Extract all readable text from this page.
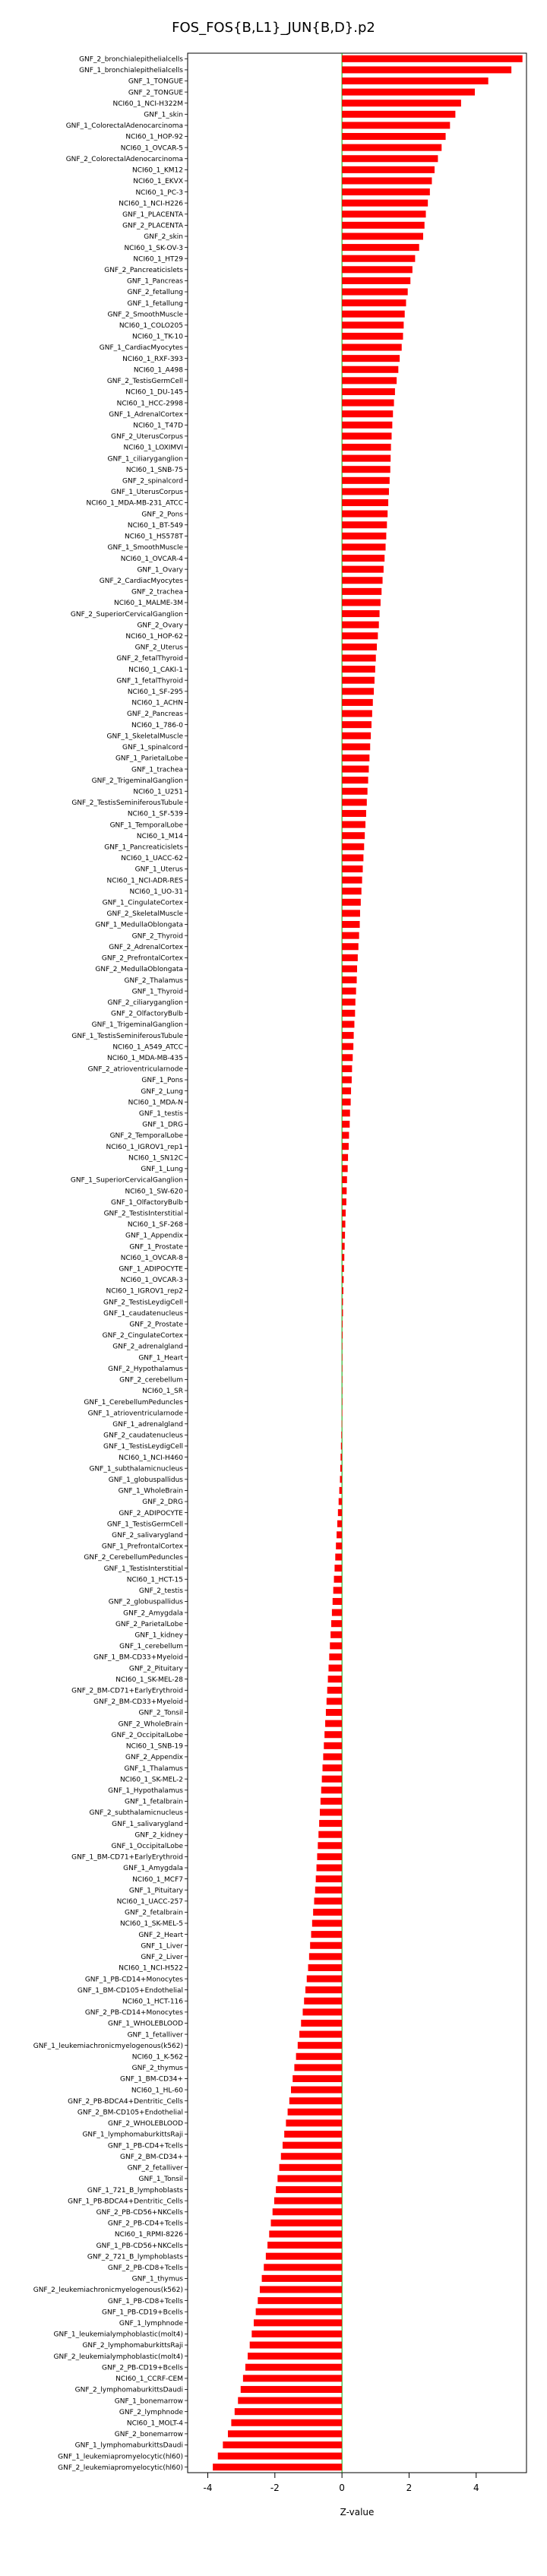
FOS_FOS{B,L1}_JUN{B,D}.p2
GNF_2_bronchialepithelialcells
GNF_1_bronchialepithelialcells
GNF_1_TONGUE
GNF_2_TONGUE
NCI60_1_NCI-H322M
GNF_1_skin
GNF_1_ColorectalAdenocarcinoma
NCI60_1_HOP-92
NCI60_1_OVCAR-5
GNF_2_ColorectalAdenocarcinoma
NCI60_1_KM12
NCI60_1_EKVX
NCI60_1_PC-3
NCI60_1_NCI-H226
GNF_1_PLACENTA
GNF_2_PLACENTA
GNF_2_skin
NCI60_1_SK-OV-3
NCI60_1_HT29
GNF_2_Pancreaticislets
GNF_1_Pancreas
GNF_2_fetallung
GNF_1_fetallung
GNF_2_SmoothMuscle
NCI60_1_COLO205
NCI60_1_TK-10
GNF_1_CardiacMyocytes
NCI60_1_RXF-393
NCI60_1_A498
GNF_2_TestisGermCell
NCI60_1_DU-145
NCI60_1_HCC-2998
GNF_1_AdrenalCortex
NCI60_1_T47D
GNF_2_UterusCorpus
NCI60_1_LOXIMVI
GNF_1_ciliaryganglion
NCI60_1_SNB-75
GNF_2_spinalcord
GNF_1_UterusCorpus
NCI60_1_MDA-MB-231_ATCC
GNF_2_Pons
NCI60_1_BT-549
NCI60_1_HS578T
GNF_1_SmoothMuscle
NCI60_1_OVCAR-4
GNF_1_Ovary
GNF_2_CardiacMyocytes
GNF_2_trachea
NCI60_1_MALME-3M
GNF_2_SuperiorCervicalGanglion
GNF_2_Ovary
NCI60_1_HOP-62
GNF_2_Uterus
GNF_2_fetalThyroid
NCI60_1_CAKI-1
GNF_1_fetalThyroid
NCI60_1_SF-295
NCI60_1_ACHN
GNF_2_Pancreas
NCI60_1_786-0
GNF_1_SkeletalMuscle
GNF_1_spinalcord
GNF_1_ParietalLobe
GNF_1_trachea
GNF_2_TrigeminalGanglion
NCI60_1_U251
GNF_2_TestisSeminiferousTubule
NCI60_1_SF-539
GNF_1_TemporalLobe
NCI60_1_M14
GNF_1_Pancreaticislets
NCI60_1_UACC-62
GNF_1_Uterus
NCI60_1_NCI-ADR-RES
NCI60_1_UO-31
GNF_1_CingulateCortex
GNF_2_SkeletalMuscle
GNF_1_MedullaOblongata
GNF_2_Thyroid
GNF_2_AdrenalCortex
GNF_2_PrefrontalCortex
GNF_2_MedullaOblongata
GNF_2_Thalamus
GNF_1_Thyroid
GNF_2_ciliaryganglion
GNF_2_OlfactoryBulb
GNF_1_TrigeminalGanglion
GNF_1_TestisSeminiferousTubule
NCI60_1_A549_ATCC
NCI60_1_MDA-MB-435
GNF_2_atrioventricularnode
GNF_1_Pons
GNF_2_Lung
NCI60_1_MDA-N
GNF_1_testis
GNF_1_DRG
GNF_2_TemporalLobe
NCI60_1_IGROV1_rep1
NCI60_1_SN12C
GNF_1_Lung
GNF_1_SuperiorCervicalGanglion
NCI60_1_SW-620
GNF_1_OlfactoryBulb
GNF_2_TestisInterstitial
NCI60_1_SF-268
GNF_1_Appendix
GNF_1_Prostate
NCI60_1_OVCAR-8
GNF_1_ADIPOCYTE
NCI60_1_OVCAR-3
NCI60_1_IGROV1_rep2
GNF_2_TestisLeydigCell
GNF_1_caudatenucleus
GNF_2_Prostate
GNF_2_CingulateCortex
GNF_2_adrenalgland
GNF_1_Heart
GNF_2_Hypothalamus
GNF_2_cerebellum
NCI60_1_SR
GNF_1_CerebellumPeduncles
GNF_1_atrioventricularnode
GNF_1_adrenalgland
GNF_2_caudatenucleus
GNF_1_TestisLeydigCell
NCI60_1_NCI-H460
GNF_1_subthalamicnucleus
GNF_1_globuspallidus
GNF_1_WholeBrain
GNF_2_DRG
GNF_2_ADIPOCYTE
GNF_1_TestisGermCell
GNF_2_salivarygland
GNF_1_PrefrontalCortex
GNF_2_CerebellumPeduncles
GNF_1_TestisInterstitial
NCI60_1_HCT-15
GNF_2_testis
GNF_2_globuspallidus
GNF_2_Amygdala
GNF_2_ParietalLobe
GNF_1_kidney
GNF_1_cerebellum
GNF_1_BM-CD33+Myeloid
GNF_2_Pituitary
NCI60_1_SK-MEL-28
GNF_2_BM-CD71+EarlyErythroid
GNF_2_BM-CD33+Myeloid
GNF_2_Tonsil
GNF_2_WholeBrain
GNF_2_OccipitalLobe
NCI60_1_SNB-19
GNF_2_Appendix
GNF_1_Thalamus
NCI60_1_SK-MEL-2
GNF_1_Hypothalamus
GNF_1_fetalbrain
GNF_2_subthalamicnucleus
GNF_1_salivarygland
GNF_2_kidney
GNF_1_OccipitalLobe
GNF_1_BM-CD71+EarlyErythroid
GNF_1_Amygdala
NCI60_1_MCF7
GNF_1_Pituitary
NCI60_1_UACC-257
GNF_2_fetalbrain
NCI60_1_SK-MEL-5
GNF_2_Heart
GNF_1_Liver
GNF_2_Liver
NCI60_1_NCI-H522
GNF_1_PB-CD14+Monocytes
GNF_1_BM-CD105+Endothelial
NCI60_1_HCT-116
GNF_2_PB-CD14+Monocytes
GNF_1_WHOLEBLOOD
GNF_1_fetalliver
GNF_1_leukemiachronicmyelogenous(k562)
NCI60_1_K-562
GNF_2_thymus
GNF_1_BM-CD34+
NCI60_1_HL-60
GNF_2_PB-BDCA4+Dentritic_Cells
GNF_2_BM-CD105+Endothelial
GNF_2_WHOLEBLOOD
GNF_1_lymphomaburkittsRaji
GNF_1_PB-CD4+Tcells
GNF_2_BM-CD34+
GNF_2_fetalliver
GNF_1_Tonsil
GNF_1_721_B_lymphoblasts
GNF_1_PB-BDCA4+Dentritic_Cells
GNF_2_PB-CD56+NKCells
GNF_2_PB-CD4+Tcells
NCI60_1_RPMI-8226
GNF_1_PB-CD56+NKCells
GNF_2_721_B_lymphoblasts
GNF_2_PB-CD8+Tcells
GNF_1_thymus
GNF_2_leukemiachronicmyelogenous(k562)
GNF_1_PB-CD8+Tcells
GNF_1_PB-CD19+Bcells
GNF_1_lymphnode
GNF_1_leukemialymphoblastic(molt4)
GNF_2_lymphomaburkittsRaji
GNF_2_leukemialymphoblastic(molt4)
GNF_2_PB-CD19+Bcells
NCI60_1_CCRF-CEM
GNF_2_lymphomaburkittsDaudi
GNF_1_bonemarrow
GNF_2_lymphnode
NCI60_1_MOLT-4
GNF_2_bonemarrow
GNF_1_lymphomaburkittsDaudi
GNF_1_leukemiapromyelocytic(hl60)
GNF_2_leukemiapromyelocytic(hl60)
-4	-2	0	2	4
Z-value
